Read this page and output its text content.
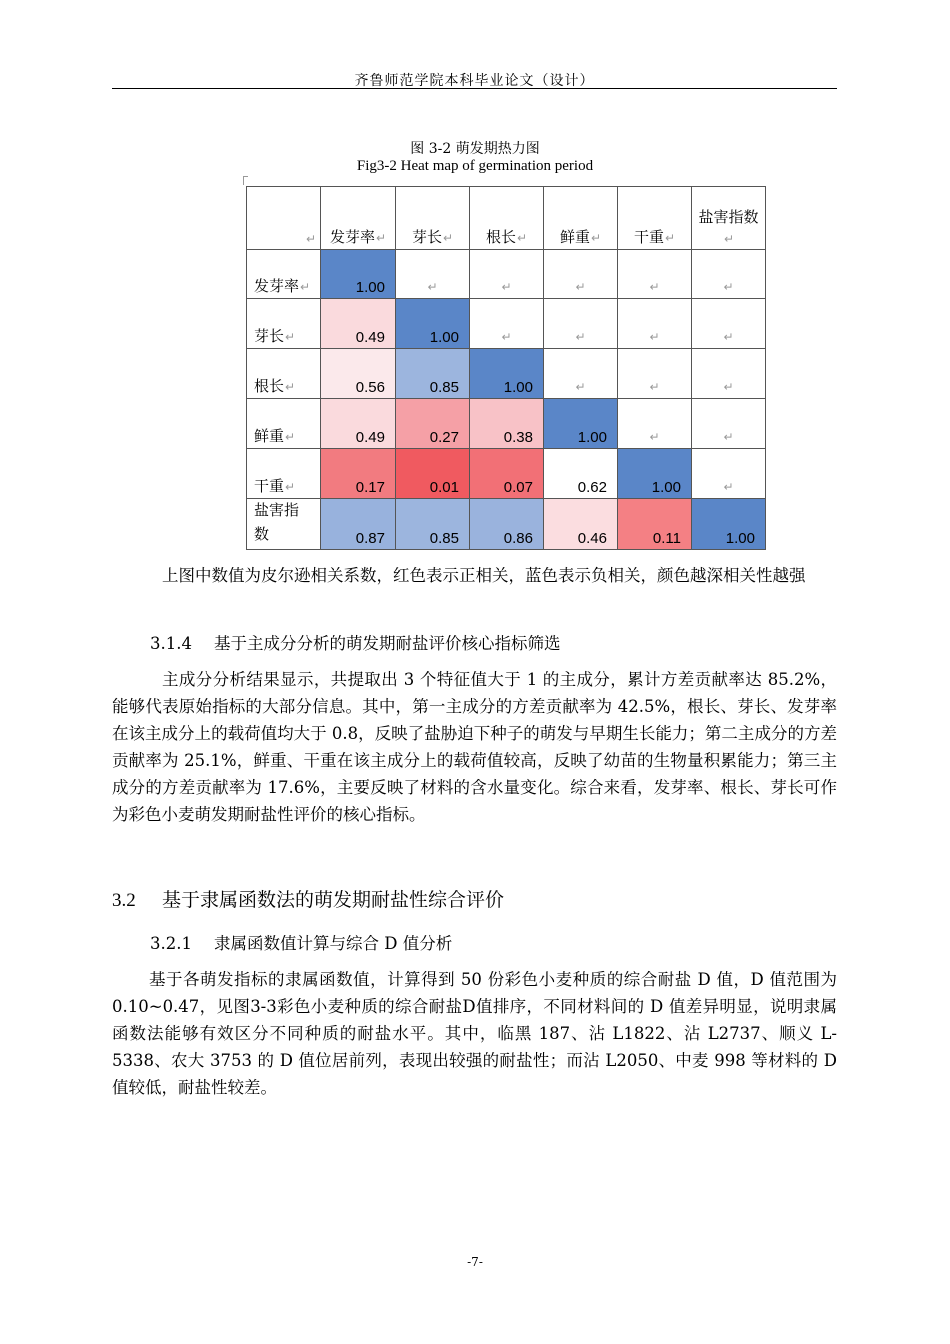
齐鲁师范学院本科毕业论文（设计）
图 3-2 萌发期热力图
Fig3-2 Heat map of germination period
↵	发芽率↵	芽长↵	根长↵	鲜重↵	干重↵	盐害指数↵
发芽率↵	1.00	↵	↵	↵	↵	↵

芽长↵	0.49	1.00	↵	↵	↵	↵

根长↵	0.56	0.85	1.00	↵	↵	↵

鲜重↵	0.49	0.27	0.38	1.00	↵	↵

干重↵	0.17	0.01	0.07	0.62	1.00	↵

盐害指数	0.87	0.85	0.86	0.46	0.11	1.00
上图中数值为皮尔逊相关系数，红色表示正相关，蓝色表示负相关，颜色越深相关性越强
3.1.4 基于主成分分析的萌发期耐盐评价核心指标筛选
主成分分析结果显示，共提取出 3 个特征值大于 1 的主成分，累计方差贡献率达 85.2%，能够代表原始指标的大部分信息。其中，第一主成分的方差贡献率为 42.5%，根长、芽长、发芽率在该主成分上的载荷值均大于 0.8，反映了盐胁迫下种子的萌发与早期生长能力；第二主成分的方差贡献率为 25.1%，鲜重、干重在该主成分上的载荷值较高，反映了幼苗的生物量积累能力；第三主成分的方差贡献率为 17.6%，主要反映了材料的含水量变化。综合来看，发芽率、根长、芽长可作为彩色小麦萌发期耐盐性评价的核心指标。
3.2 基于隶属函数法的萌发期耐盐性综合评价
3.2.1 隶属函数值计算与综合 D 值分析
基于各萌发指标的隶属函数值，计算得到 50 份彩色小麦种质的综合耐盐 D 值，D 值范围为 0.10~0.47，见图3-3彩色小麦种质的综合耐盐D值排序，不同材料间的 D 值差异明显，说明隶属函数法能够有效区分不同种质的耐盐水平。其中，临黑 187、沾 L1822、沾 L2737、顺义 L-5338、农大 3753 的 D 值位居前列，表现出较强的耐盐性；而沾 L2050、中麦 998 等材料的 D 值较低，耐盐性较差。
-7-
